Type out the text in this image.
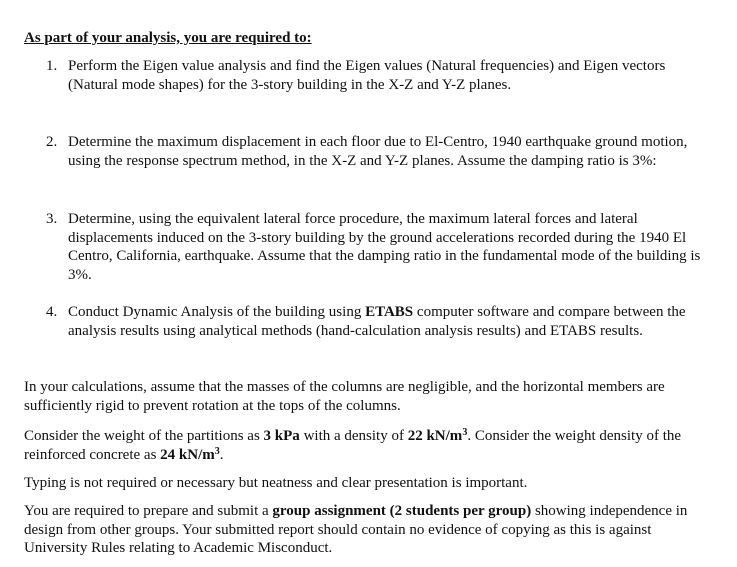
As part of your analysis, you are required to:
1. Perform the Eigen value analysis and find the Eigen values (Natural frequencies) and Eigen vectors (Natural mode shapes) for the 3-story building in the X-Z and Y-Z planes.
2. Determine the maximum displacement in each floor due to El-Centro, 1940 earthquake ground motion, using the response spectrum method, in the X-Z and Y-Z planes. Assume the damping ratio is 3%:
3. Determine, using the equivalent lateral force procedure, the maximum lateral forces and lateral displacements induced on the 3-story building by the ground accelerations recorded during the 1940 El Centro, California, earthquake. Assume that the damping ratio in the fundamental mode of the building is 3%.
4. Conduct Dynamic Analysis of the building using ETABS computer software and compare between the analysis results using analytical methods (hand-calculation analysis results) and ETABS results.
In your calculations, assume that the masses of the columns are negligible, and the horizontal members are sufficiently rigid to prevent rotation at the tops of the columns.
Consider the weight of the partitions as 3 kPa with a density of 22 $kN/m^3$. Consider the weight density of the reinforced concrete as 24 $kN/m^3$.
Typing is not required or necessary but neatness and clear presentation is important.
You are required to prepare and submit a group assignment (2 students per group) showing independence in design from other groups. Your submitted report should contain no evidence of copying as this is against University Rules relating to Academic Misconduct.
